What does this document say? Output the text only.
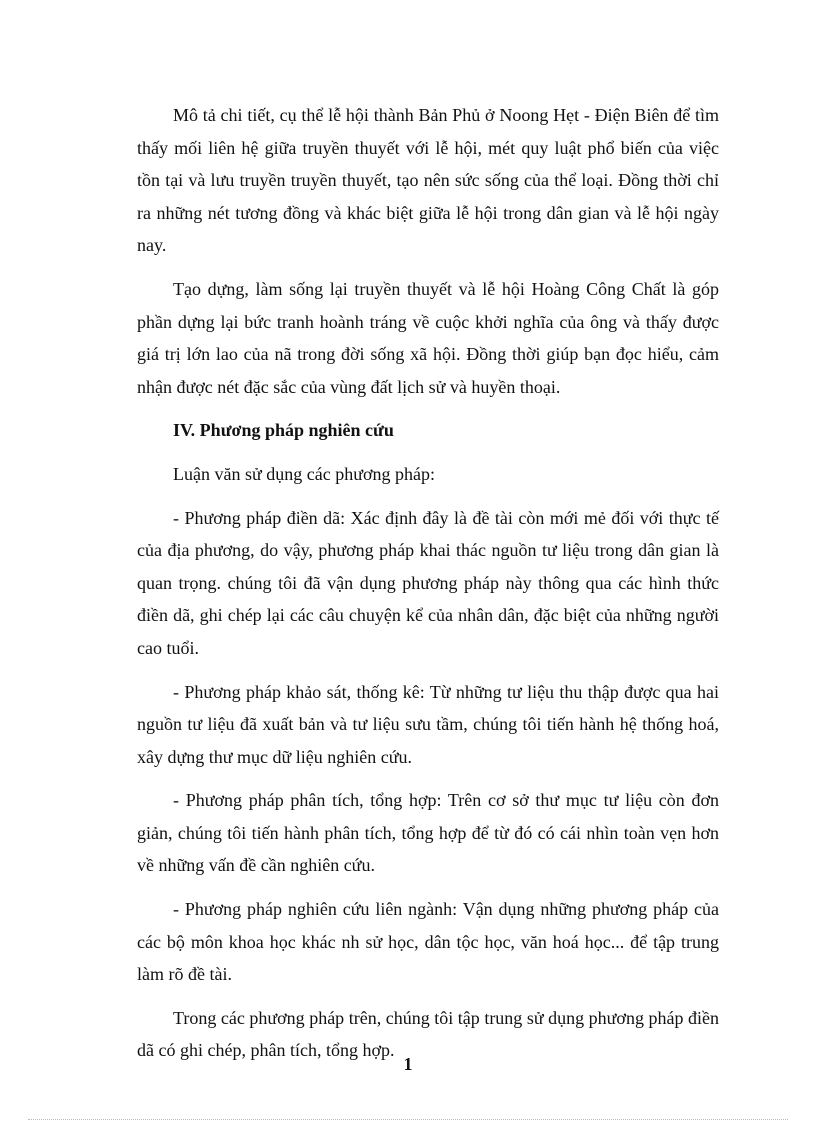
Mô tả chi tiết, cụ thể lễ hội thành Bản Phủ ở Noong Hẹt - Điện Biên để tìm thấy mối liên hệ giữa truyền thuyết với lễ hội, mét quy luật phổ biến của việc tồn tại và lưu truyền truyền thuyết, tạo nên sức sống của thể loại. Đồng thời chỉ ra những nét tương đồng và khác biệt giữa lễ hội trong dân gian và lễ hội ngày nay.

Tạo dựng, làm sống lại truyền thuyết và lễ hội Hoàng Công Chất là góp phần dựng lại bức tranh hoành tráng về cuộc khởi nghĩa của ông và thấy được giá trị lớn lao của nã trong đời sống xã hội. Đồng thời giúp bạn đọc hiểu, cảm nhận được nét đặc sắc của vùng đất lịch sử và huyền thoại.

IV. Phương pháp nghiên cứu

Luận văn sử dụng các phương pháp:

- Phương pháp điền dã: Xác định đây là đề tài còn mới mẻ đối với thực tế của địa phương, do vậy, phương pháp khai thác nguồn tư liệu trong dân gian là quan trọng. chúng tôi đã vận dụng phương pháp này thông qua các hình thức điền dã, ghi chép lại các câu chuyện kể của nhân dân, đặc biệt của những người cao tuổi.

- Phương pháp khảo sát, thống kê: Từ những tư liệu thu thập được qua hai nguồn tư liệu đã xuất bản và tư liệu sưu tầm, chúng tôi tiến hành hệ thống hoá, xây dựng thư mục dữ liệu nghiên cứu.

- Phương pháp phân tích, tổng hợp: Trên cơ sở thư mục tư liệu còn đơn giản, chúng tôi tiến hành phân tích, tổng hợp để từ đó có cái nhìn toàn vẹn hơn về những vấn đề cần nghiên cứu.

- Phương pháp nghiên cứu liên ngành: Vận dụng những phương pháp của các bộ môn khoa học khác nh sử học, dân tộc học, văn hoá học... để tập trung làm rõ đề tài.

Trong các phương pháp trên, chúng tôi tập trung sử dụng phương pháp điền dã có ghi chép, phân tích, tổng hợp.

1
